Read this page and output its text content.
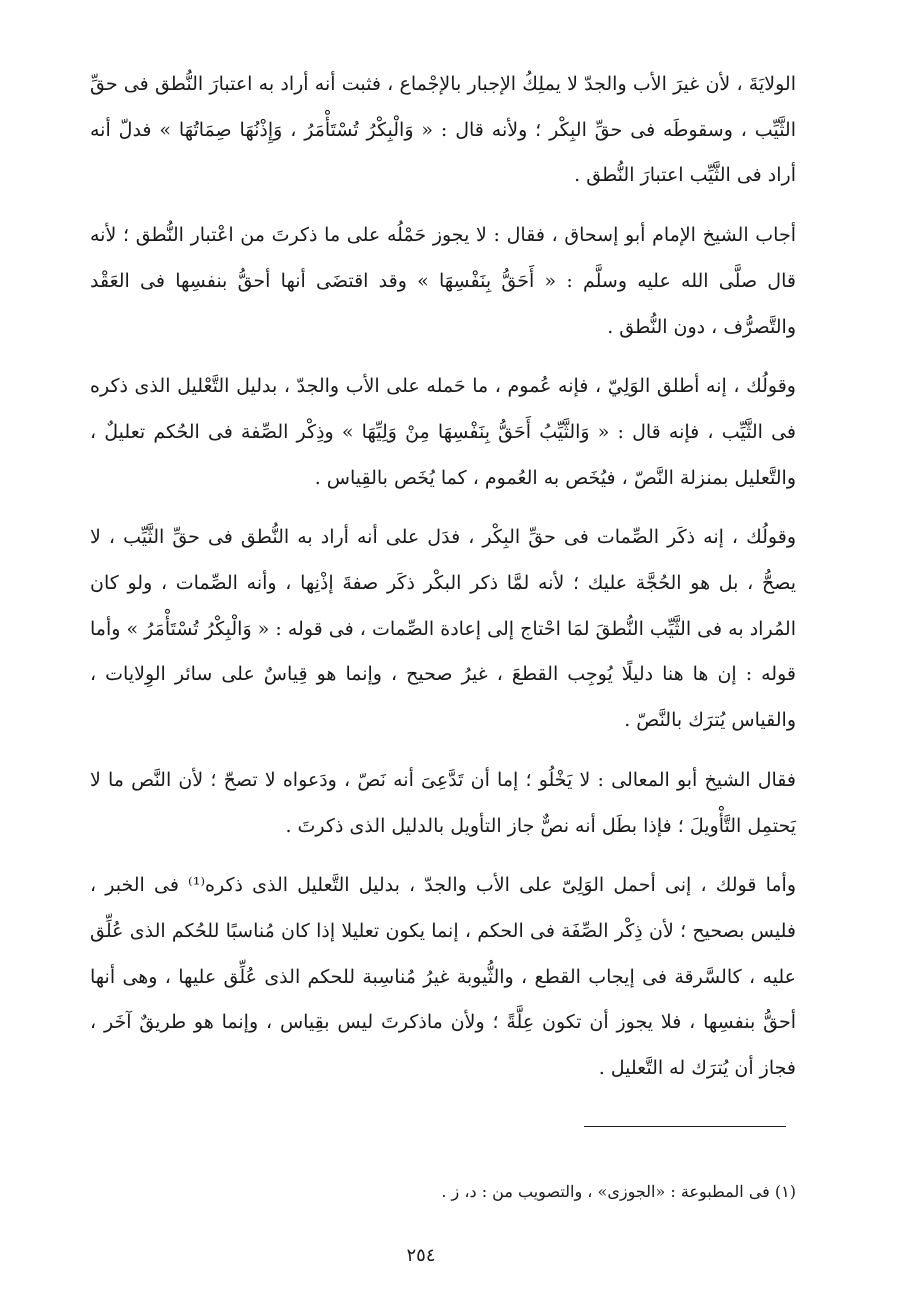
الولايَةَ ، لأن غيرَ الأب والجدّ لا يملِكُ الإجبار بالإجْماع ، فثبت أنه أراد به اعتبارَ النُّطق فى حقِّ الثَّيِّب ، وسقوطَه فى حقِّ البِكْر ؛ ولأنه قال : « وَالْبِكْرُ تُسْتَأْمَرُ ، وَإِذْنُهَا صِمَاتُهَا » فدلّ أنه أراد فى الثَّيِّب اعتبارَ النُّطق .

أجاب الشيخ الإمام أبو إسحاق ، فقال : لا يجوز حَمْلُه على ما ذكرتَ من اعْتبار النُّطق ؛ لأنه قال صلَّى الله عليه وسلَّم : « أَحَقُّ بِنَفْسِهَا » وقد اقتضَى أنها أحقُّ بنفسِها فى العَقْد والتَّصرُّف ، دون النُّطق .

وقولُك ، إنه أطلق الوَلِيّ ، فإنه عُموم ، ما حَمله على الأب والجدّ ، بدليل التَّعْليل الذى ذكره فى الثَّيِّب ، فإنه قال : « وَالثَّيِّبُ أَحَقُّ بِنَفْسِهَا مِنْ وَلِيِّهَا » وذِكْر الصِّفة فى الحُكم تعليلٌ ، والتَّعليل بمنزلة النَّصّ ، فيُخَص به العُموم ، كما يُخَص بالقِياس .

وقولُك ، إنه ذكَر الصِّمات فى حقِّ البِكْر ، فدَل على أنه أراد به النُّطق فى حقِّ الثَّيِّب ، لا يصحُّ ، بل هو الحُجَّة عليك ؛ لأنه لمَّا ذكر البكْر ذكَر صفةَ إذْنِها ، وأنه الصِّمات ، ولو كان المُراد به فى الثَّيِّب النُّطقَ لمَا احْتاج إلى إعادة الصِّمات ، فى قوله : « وَالْبِكْرُ تُسْتَأْمَرُ » وأما قوله : إن ها هنا دليلًا يُوجِب القطعَ ، غيرُ صحيح ، وإنما هو قِياسٌ على سائر الوِلايات ، والقياس يُترَك بالنَّصّ .

فقال الشيخ أبو المعالى : لا يَخْلُو ؛ إما أن تَدَّعِىَ أنه نَصّ ، ودَعواه لا تصحّ ؛ لأن النَّص ما لا يَحتمِل التَّأْويلَ ؛ فإذا بطَل أنه نصٌّ جاز التأويل بالدليل الذى ذكرتَ .

وأما قولك ، إنى أحمل الوَلِىّ على الأب والجدّ ، بدليل التَّعليل الذى ذكره⁽¹⁾ فى الخبر ، فليس بصحيح ؛ لأن ذِكْر الصِّفَة فى الحكم ، إنما يكون تعليلا إذا كان مُناسبًا للحُكم الذى عُلِّق عليه ، كالسَّرقة فى إيجاب القطع ، والثُّيوبة غيرُ مُناسِبة للحكم الذى عُلِّق عليها ، وهى أنها أحقُّ بنفسِها ، فلا يجوز أن تكون عِلَّةً ؛ ولأن ماذكرتَ ليس بقِياس ، وإنما هو طريقٌ آخَر ، فجاز أن يُترَك له التَّعليل .

(١) فى المطبوعة : «الجوزى» ، والتصويب من : د، ز .
٢٥٤
